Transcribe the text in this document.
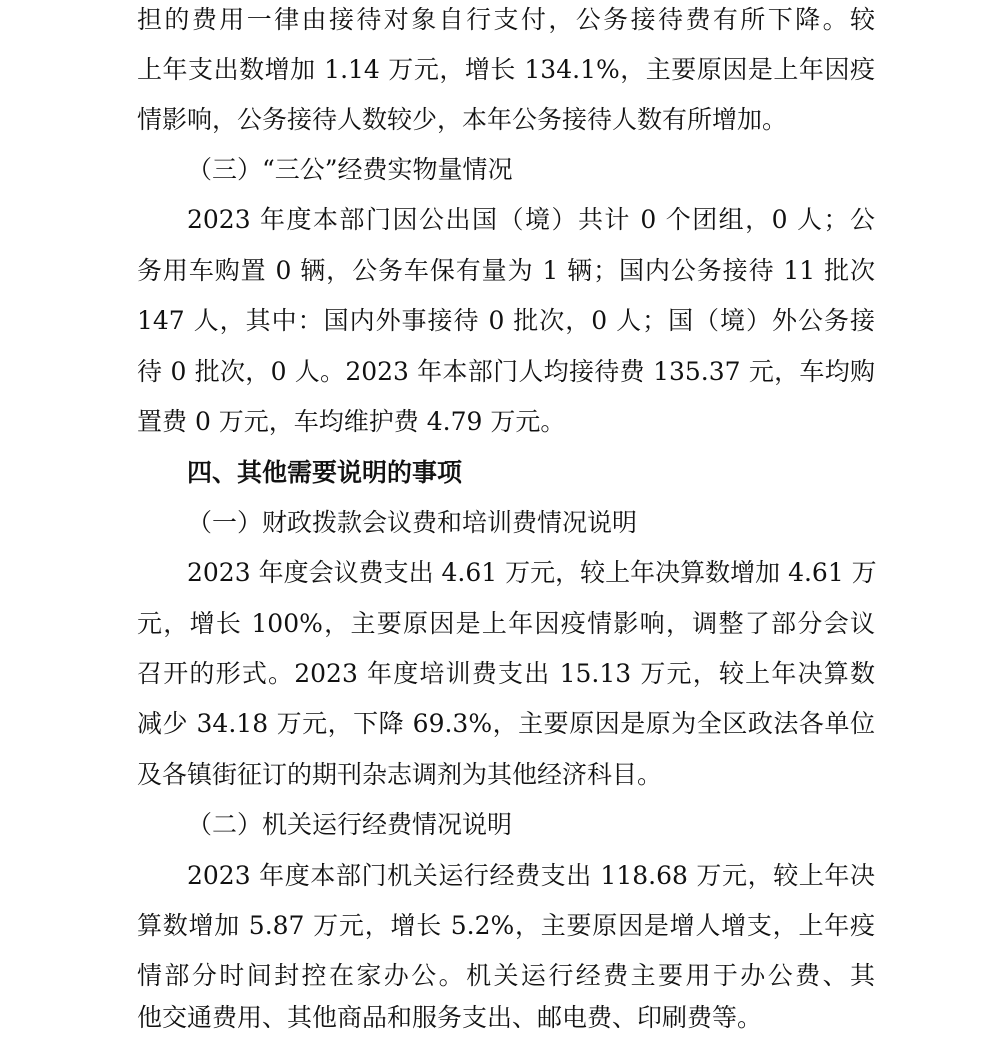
担的费用一律由接待对象自行支付，公务接待费有所下降。较
上年支出数增加 1.14 万元，增长 134.1%，主要原因是上年因疫
情影响，公务接待人数较少，本年公务接待人数有所增加。
（三）“三公”经费实物量情况
2023 年度本部门因公出国（境）共计 0 个团组，0 人；公
务用车购置 0 辆，公务车保有量为 1 辆；国内公务接待 11 批次
147 人，其中：国内外事接待 0 批次，0 人；国（境）外公务接
待 0 批次，0 人。2023 年本部门人均接待费 135.37 元，车均购
置费 0 万元，车均维护费 4.79 万元。
四、其他需要说明的事项
（一）财政拨款会议费和培训费情况说明
2023 年度会议费支出 4.61 万元，较上年决算数增加 4.61 万
元，增长 100%，主要原因是上年因疫情影响，调整了部分会议
召开的形式。2023 年度培训费支出 15.13 万元，较上年决算数
减少 34.18 万元，下降 69.3%，主要原因是原为全区政法各单位
及各镇街征订的期刊杂志调剂为其他经济科目。
（二）机关运行经费情况说明
2023 年度本部门机关运行经费支出 118.68 万元，较上年决
算数增加 5.87 万元，增长 5.2%，主要原因是增人增支，上年疫
情部分时间封控在家办公。机关运行经费主要用于办公费、其
他交通费用、其他商品和服务支出、邮电费、印刷费等。
